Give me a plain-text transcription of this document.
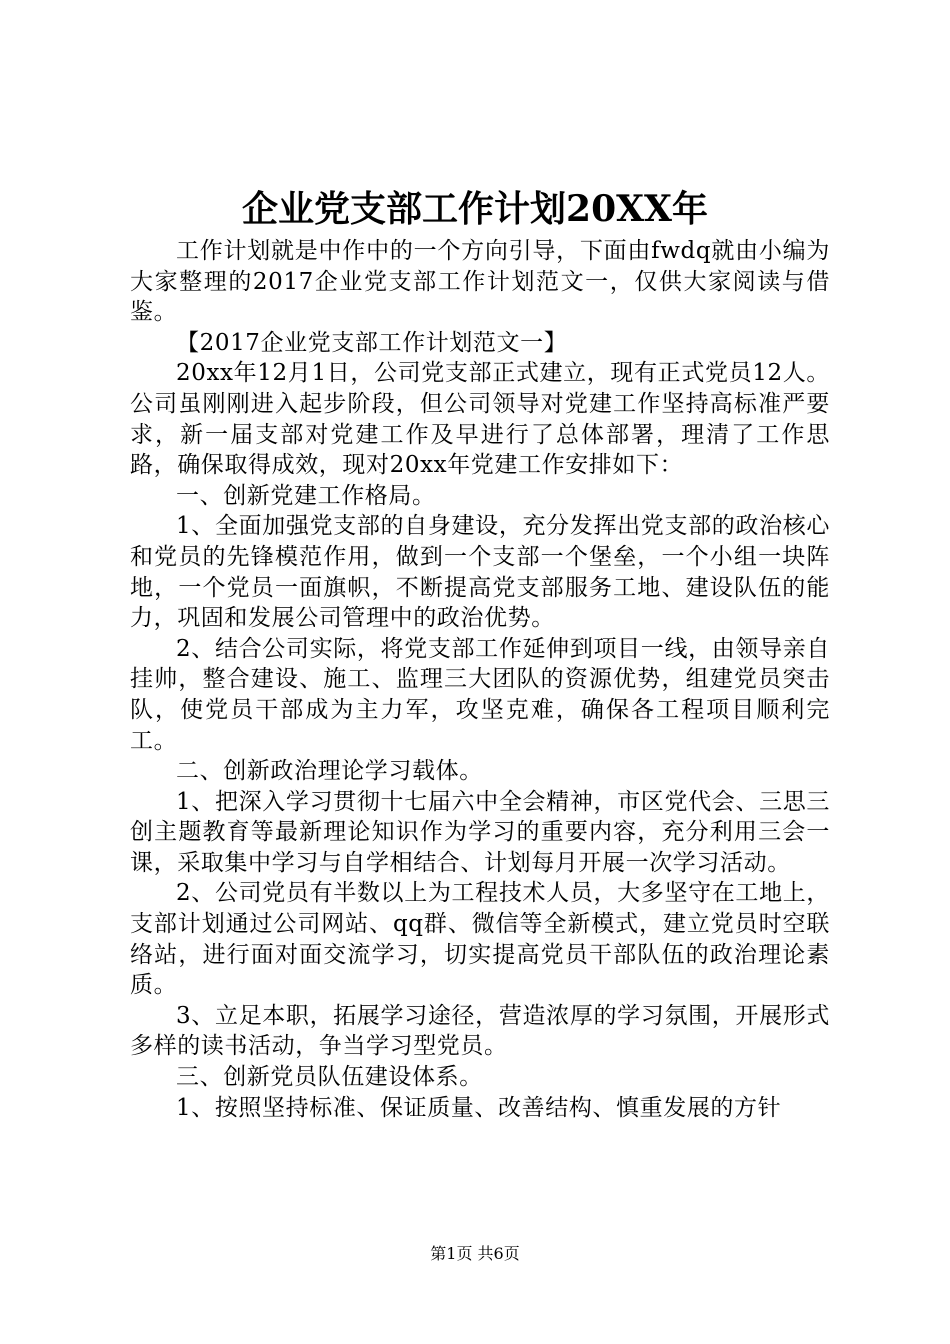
企业党支部工作计划20XX年

工作计划就是中作中的一个方向引导，下面由fwdq就由小编为大家整理的2017企业党支部工作计划范文一，仅供大家阅读与借鉴。

【2017企业党支部工作计划范文一】

20xx年12月1日，公司党支部正式建立，现有正式党员12人。公司虽刚刚进入起步阶段，但公司领导对党建工作坚持高标准严要求，新一届支部对党建工作及早进行了总体部署，理清了工作思路，确保取得成效，现对20xx年党建工作安排如下：

一、创新党建工作格局。

1、全面加强党支部的自身建设，充分发挥出党支部的政治核心和党员的先锋模范作用，做到一个支部一个堡垒，一个小组一块阵地，一个党员一面旗帜，不断提高党支部服务工地、建设队伍的能力，巩固和发展公司管理中的政治优势。

2、结合公司实际，将党支部工作延伸到项目一线，由领导亲自挂帅，整合建设、施工、监理三大团队的资源优势，组建党员突击队，使党员干部成为主力军，攻坚克难，确保各工程项目顺利完工。

二、创新政治理论学习载体。

1、把深入学习贯彻十七届六中全会精神，市区党代会、三思三创主题教育等最新理论知识作为学习的重要内容，充分利用三会一课，采取集中学习与自学相结合、计划每月开展一次学习活动。

2、公司党员有半数以上为工程技术人员，大多坚守在工地上，支部计划通过公司网站、qq群、微信等全新模式，建立党员时空联络站，进行面对面交流学习，切实提高党员干部队伍的政治理论素质。

3、立足本职，拓展学习途径，营造浓厚的学习氛围，开展形式多样的读书活动，争当学习型党员。

三、创新党员队伍建设体系。

1、按照坚持标准、保证质量、改善结构、慎重发展的方针

第1页 共6页
